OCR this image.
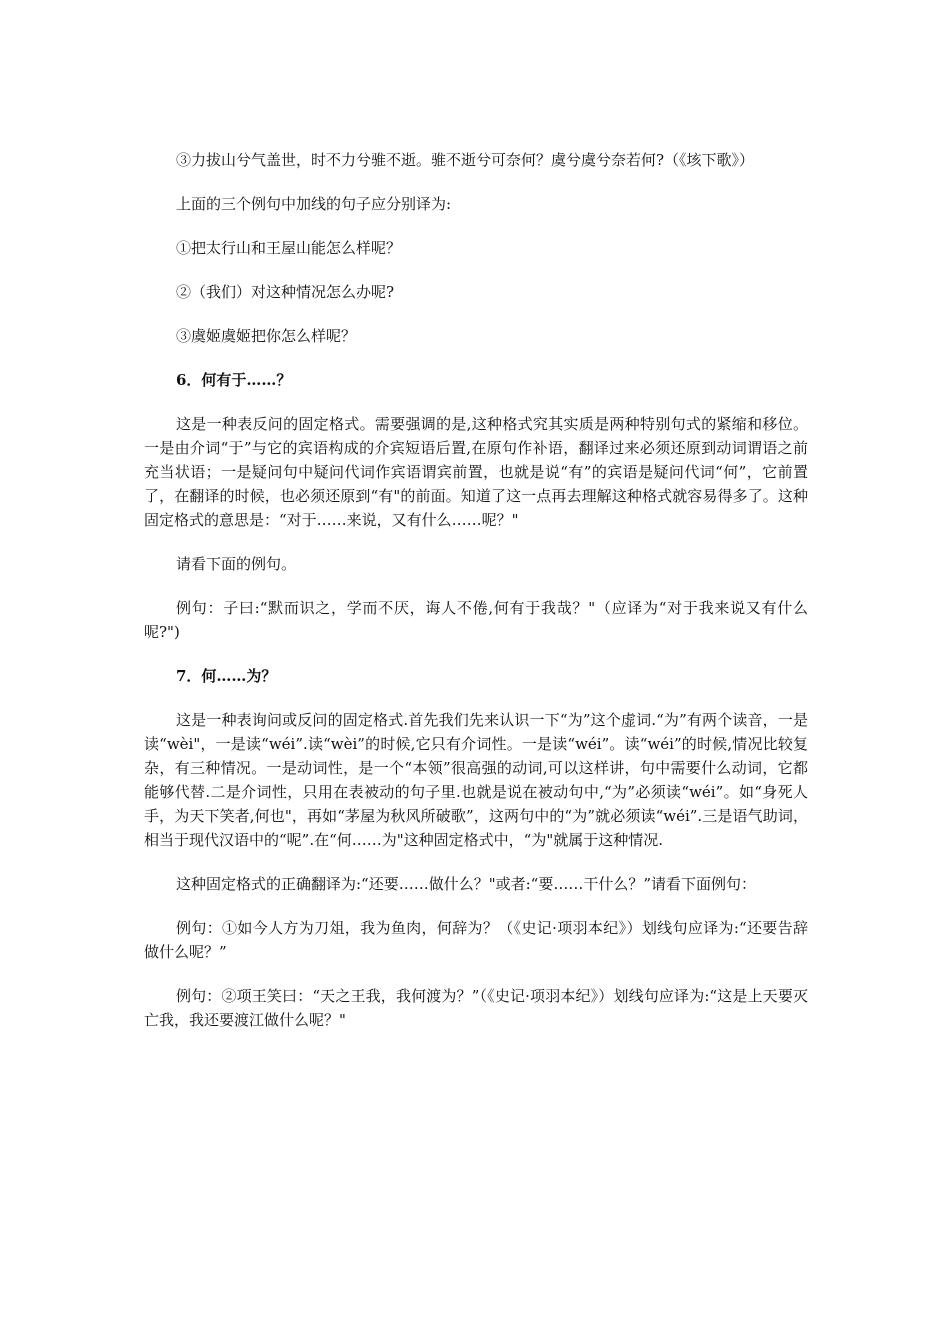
③力拔山兮气盖世，时不力兮骓不逝。骓不逝兮可奈何？虞兮虞兮奈若何?（《垓下歌》）

上面的三个例句中加线的句子应分别译为:

①把太行山和王屋山能怎么样呢？

②（我们）对这种情况怎么办呢?

③虞姬虞姬把你怎么样呢？

6．何有于……？

这是一种表反问的固定格式。需要强调的是,这种格式究其实质是两种特别句式的紧缩和移位。一是由介词“于”与它的宾语构成的介宾短语后置,在原句作补语，翻译过来必须还原到动词谓语之前充当状语；一是疑问句中疑问代词作宾语谓宾前置，也就是说“有”的宾语是疑问代词“何”，它前置了，在翻译的时候，也必须还原到“有"的前面。知道了这一点再去理解这种格式就容易得多了。这种固定格式的意思是：“对于……来说，又有什么……呢？"

请看下面的例句。

例句：子曰:“默而识之，学而不厌，诲人不倦,何有于我哉？"（应译为“对于我来说又有什么呢?")

7．何……为？

这是一种表询问或反问的固定格式.首先我们先来认识一下“为”这个虚词.“为”有两个读音，一是读“wèi"，一是读“wéi”.读“wèi”的时候,它只有介词性。一是读“wéi”。读“wéi”的时候,情况比较复杂，有三种情况。一是动词性，是一个“本领”很高强的动词,可以这样讲，句中需要什么动词，它都能够代替.二是介词性，只用在表被动的句子里.也就是说在被动句中,“为”必须读“wéi”。如“身死人手，为天下笑者,何也"，再如“茅屋为秋风所破歌”，这两句中的“为”就必须读“wéi”.三是语气助词，相当于现代汉语中的“呢”.在“何……为"这种固定格式中，“为"就属于这种情况.

这种固定格式的正确翻译为:“还要……做什么？"或者:“要……干什么？”请看下面例句：

例句：①如今人方为刀俎，我为鱼肉，何辞为？（《史记·项羽本纪》）划线句应译为:“还要告辞做什么呢？”

例句：②项王笑曰：“天之王我，我何渡为？”（《史记·项羽本纪》）划线句应译为:“这是上天要灭亡我，我还要渡江做什么呢？"
